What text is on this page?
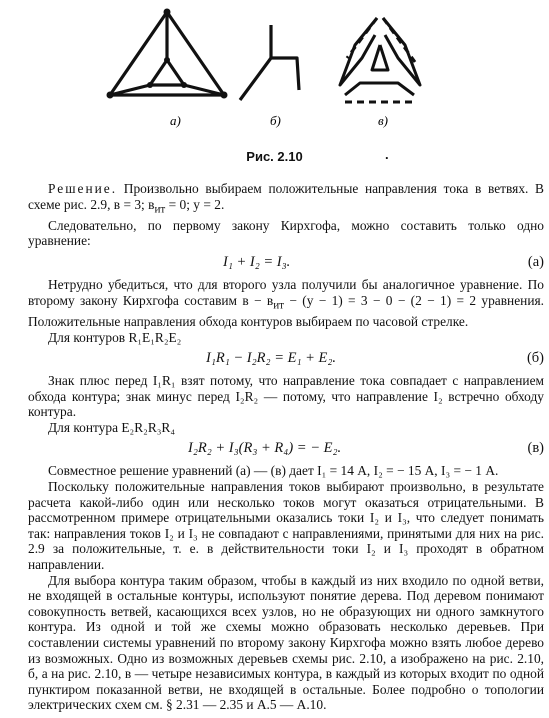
а)	б)	в)
Рис. 2.10	.

Решение. Произвольно выбираем положительные направления тока в ветвях. В схеме рис. 2.9, в = 3; $в_{ит} = 0$; у = 2.

Следовательно, по первому закону Кирхгофа, можно составить только одно уравнение:

I₁ + I₂ = I₃.	(а)

Нетрудно убедиться, что для второго узла получили бы аналогичное уравнение. По второму закону Кирхгофа составим $в - в_{ит} - (у - 1) = 3 - 0 - (2 - 1) = 2$ уравнения. Положительные направления обхода контуров выбираем по часовой стрелке.

Для контуров R₁E₁R₂E₂

I₁R₁ − I₂R₂ = E₁ + E₂.	(б)

Знак плюс перед I₁R₁ взят потому, что направление тока совпадает с направлением обхода контура; знак минус перед I₂R₂ — потому, что направление I₂ встречно обходу контура.

Для контура E₂R₂R₃R₄

I₂R₂ + I₃(R₃ + R₄) = − E₂.	(в)

Совместное решение уравнений (а) — (в) дает I₁ = 14 А, I₂ = − 15 А, I₃ = − 1 А.

Поскольку положительные направления токов выбирают произвольно, в результате расчета какой-либо один или несколько токов могут оказаться отрицательными. В рассмотренном примере отрицательными оказались токи I₂ и I₃, что следует понимать так: направления токов I₂ и I₃ не совпадают с направлениями, принятыми для них на рис. 2.9 за положительные, т. е. в действительности токи I₂ и I₃ проходят в обратном направлении.

Для выбора контура таким образом, чтобы в каждый из них входило по одной ветви, не входящей в остальные контуры, используют понятие дерева. Под деревом понимают совокупность ветвей, касающихся всех узлов, но не образующих ни одного замкнутого контура. Из одной и той же схемы можно образовать несколько деревьев. При составлении системы уравнений по второму закону Кирхгофа можно взять любое дерево из возможных. Одно из возможных деревьев схемы рис. 2.10, а изображено на рис. 2.10, б, а на рис. 2.10, в — четыре независимых контура, в каждый из которых входит по одной пунктиром показанной ветви, не входящей в остальные. Более подробно о топологии электрических схем см. § 2.31 — 2.35 и А.5 — А.10.
